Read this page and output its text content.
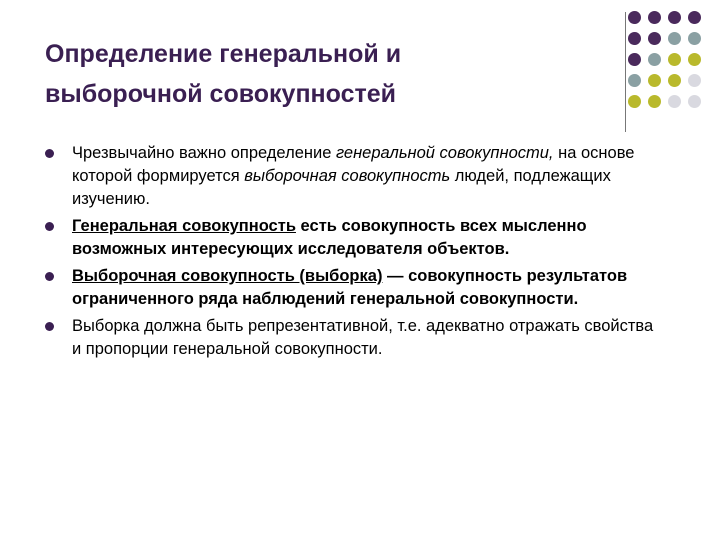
Определение генеральной и
выборочной совокупностей
Чрезвычайно важно определение генеральной совокупности, на основе которой формируется выборочная совокупность людей, подлежащих изучению.
Генеральная совокупность есть совокупность всех мысленно возможных интересующих исследователя объектов.
Выборочная совокупность (выборка) — совокупность результатов ограниченного ряда наблюдений генеральной совокупности.
Выборка должна быть репрезентативной, т.е. адекватно отражать свойства и пропорции генеральной совокупности.
